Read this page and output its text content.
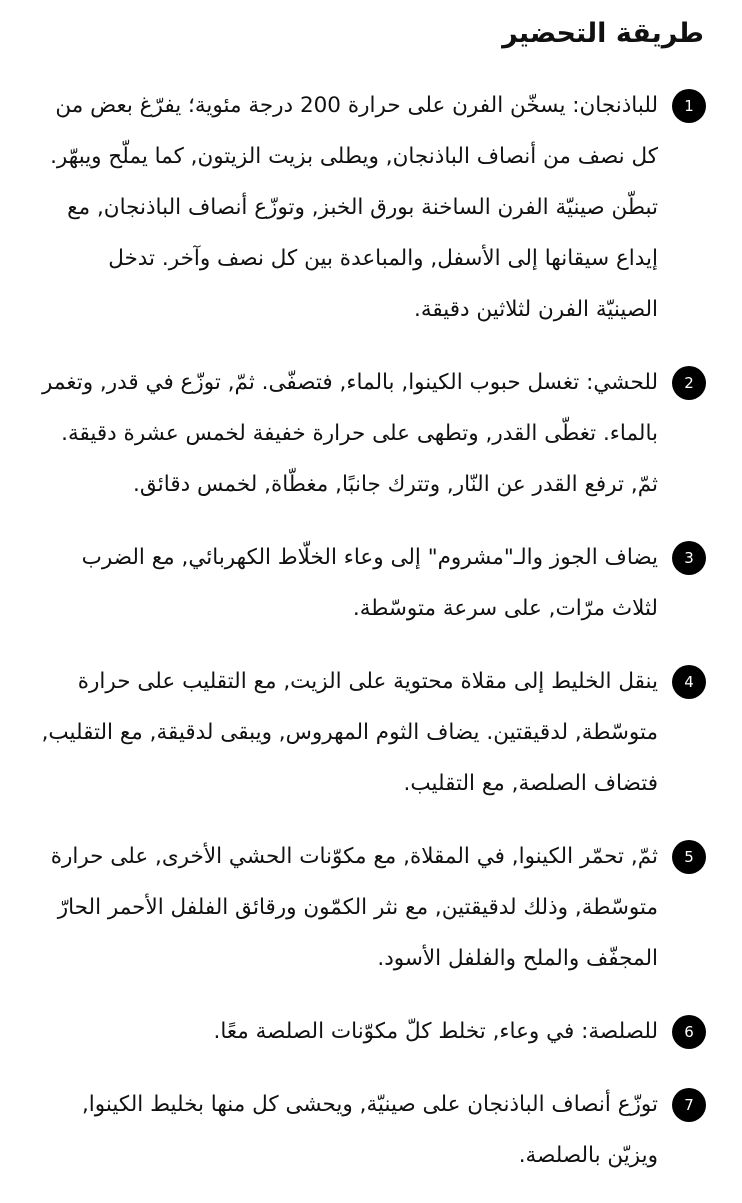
طريقة التحضير
1

للباذنجان: يسخّن الفرن على حرارة 200 درجة مئوية؛ يفرّغ بعض من كل نصف من أنصاف الباذنجان, ويطلى بزيت الزيتون, كما يملّح ويبهّر. تبطّن صينيّة الفرن الساخنة بورق الخبز, وتوزّع أنصاف الباذنجان, مع إيداع سيقانها إلى الأسفل, والمباعدة بين كل نصف وآخر. تدخل الصينيّة الفرن لثلاثين دقيقة.

2

للحشي: تغسل حبوب الكينوا, بالماء, فتصفّى. ثمّ, توزّع في قدر, وتغمر بالماء. تغطّى القدر, وتطهى على حرارة خفيفة لخمس عشرة دقيقة. ثمّ, ترفع القدر عن النّار, وتترك جانبًا, مغطّاة, لخمس دقائق.

3

يضاف الجوز والـ"مشروم" إلى وعاء الخلّاط الكهربائي, مع الضرب لثلاث مرّات, على سرعة متوسّطة.

4

ينقل الخليط إلى مقلاة محتوية على الزيت, مع التقليب على حرارة متوسّطة, لدقيقتين. يضاف الثوم المهروس, ويبقى لدقيقة, مع التقليب, فتضاف الصلصة, مع التقليب.

5

ثمّ, تحمّر الكينوا, في المقلاة, مع مكوّنات الحشي الأخرى, على حرارة متوسّطة, وذلك لدقيقتين, مع نثر الكمّون ورقائق الفلفل الأحمر الحارّ المجفّف والملح والفلفل الأسود.

6

للصلصة: في وعاء, تخلط كلّ مكوّنات الصلصة معًا.

7

توزّع أنصاف الباذنجان على صينيّة, ويحشى كل منها بخليط الكينوا, ويزيّن بالصلصة.
